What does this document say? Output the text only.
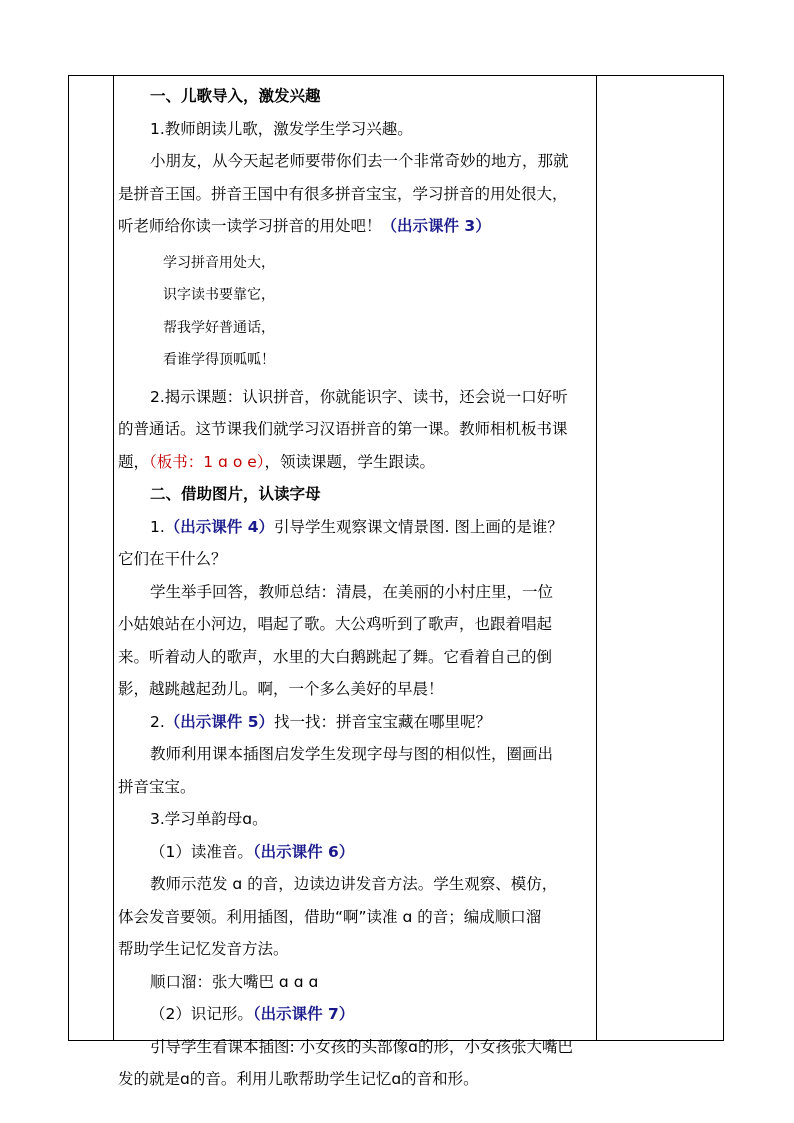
一、儿歌导入，激发兴趣

1.教师朗读儿歌，激发学生学习兴趣。

小朋友，从今天起老师要带你们去一个非常奇妙的地方，那就

是拼音王国。拼音王国中有很多拼音宝宝，学习拼音的用处很大，

听老师给你读一读学习拼音的用处吧！（出示课件 3）

学习拼音用处大，

识字读书要靠它，

帮我学好普通话，

看谁学得顶呱呱！

2.揭示课题：认识拼音，你就能识字、读书，还会说一口好听

的普通话。这节课我们就学习汉语拼音的第一课。教师相机板书课

题，（板书：1 ɑ o e），领读课题，学生跟读。

二、借助图片，认读字母

1.（出示课件 4）引导学生观察课文情景图. 图上画的是谁？

它们在干什么？

学生举手回答，教师总结：清晨，在美丽的小村庄里，一位

小姑娘站在小河边，唱起了歌。大公鸡听到了歌声，也跟着唱起

来。听着动人的歌声，水里的大白鹅跳起了舞。它看着自己的倒

影，越跳越起劲儿。啊，一个多么美好的早晨！

2.（出示课件 5）找一找：拼音宝宝藏在哪里呢？

教师利用课本插图启发学生发现字母与图的相似性，圈画出

拼音宝宝。

3.学习单韵母ɑ。

（1）读准音。（出示课件 6）

教师示范发 ɑ 的音，边读边讲发音方法。学生观察、模仿，

体会发音要领。利用插图，借助“啊”读准 ɑ 的音；编成顺口溜

帮助学生记忆发音方法。

顺口溜：张大嘴巴 ɑ ɑ ɑ

（2）识记形。（出示课件 7）

引导学生看课本插图: 小女孩的头部像ɑ的形，小女孩张大嘴巴

发的就是ɑ的音。利用儿歌帮助学生记忆ɑ的音和形。
